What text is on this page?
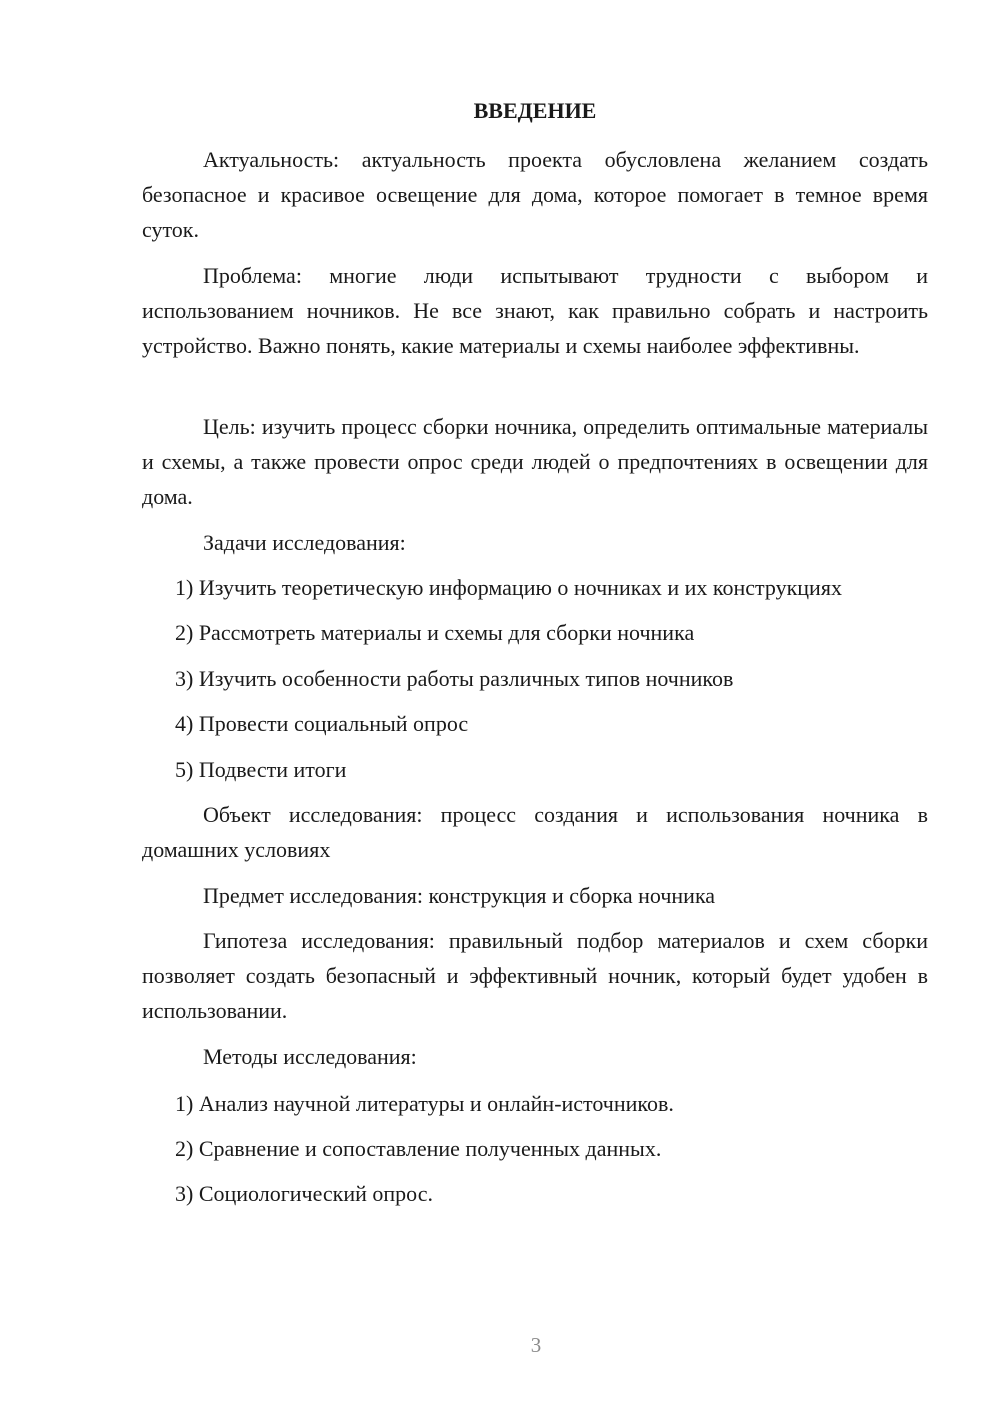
ВВЕДЕНИЕ

Актуальность: актуальность проекта обусловлена желанием создать безопасное и красивое освещение для дома, которое помогает в темное время суток.

Проблема: многие люди испытывают трудности с выбором и использованием ночников. Не все знают, как правильно собрать и настроить устройство. Важно понять, какие материалы и схемы наиболее эффективны.

Цель: изучить процесс сборки ночника, определить оптимальные материалы и схемы, а также провести опрос среди людей о предпочтениях в освещении для дома.

Задачи исследования:

1) Изучить теоретическую информацию о ночниках и их конструкциях

2) Рассмотреть материалы и схемы для сборки ночника

3) Изучить особенности работы различных типов ночников

4) Провести социальный опрос

5) Подвести итоги

Объект исследования: процесс создания и использования ночника в домашних условиях

Предмет исследования: конструкция и сборка ночника

Гипотеза исследования: правильный подбор материалов и схем сборки позволяет создать безопасный и эффективный ночник, который будет удобен в использовании.

Методы исследования:

1) Анализ научной литературы и онлайн-источников.

2) Сравнение и сопоставление полученных данных.

3) Социологический опрос.

3
